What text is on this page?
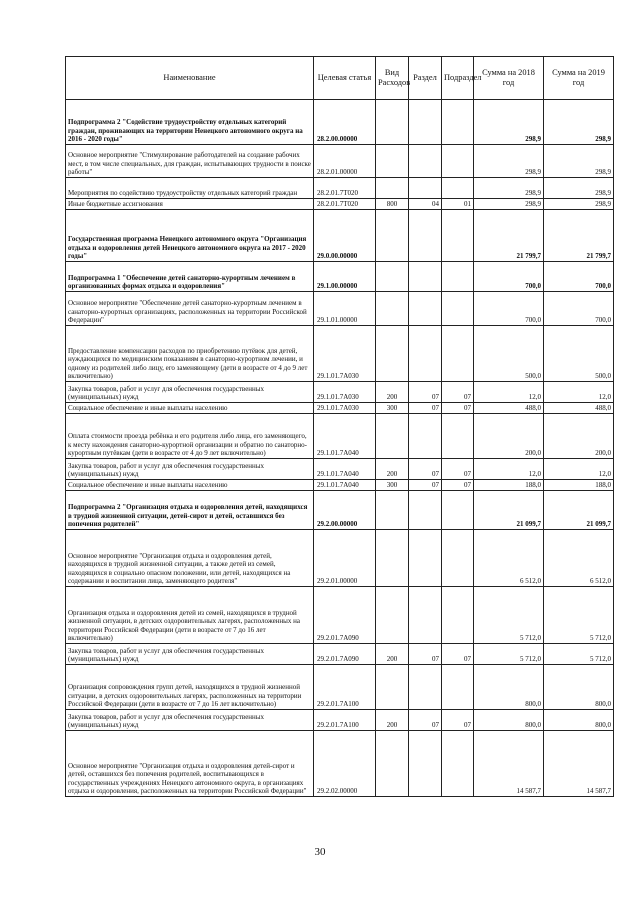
Наименование	Целевая статья	Вид Расходов	Раздел	Подраздел	Сумма на 2018 год	Сумма на 2019 год
Подпрограмма 2 "Содействие трудоустройству отдельных категорий граждан, проживающих на территории Ненецкого автономного округа на 2016 - 2020 годы"	28.2.00.00000				298,9	298,9
Основное мероприятие "Стимулирование работодателей на создание рабочих мест, в том числе специальных, для граждан, испытывающих трудности в поиске работы"	28.2.01.00000				298,9	298,9
Мероприятия по содействию трудоустройству отдельных категорий граждан	28.2.01.7Т020				298,9	298,9
Иные бюджетные ассигнования	28.2.01.7Т020	800	04	01	298,9	298,9
Государственная программа Ненецкого автономного округа "Организация отдыха и оздоровления детей Ненецкого автономного округа на 2017 - 2020 годы"	29.0.00.00000				21 799,7	21 799,7
Подпрограмма 1 "Обеспечение детей санаторно-курортным лечением в организованных формах отдыха и оздоровления"	29.1.00.00000				700,0	700,0
Основное мероприятие "Обеспечение детей санаторно-курортным лечением в санаторно-курортных организациях, расположенных на территории Российской Федерации"	29.1.01.00000				700,0	700,0
Предоставление компенсации расходов по приобретению путёвок для детей, нуждающихся по медицинским показаниям в санаторно-курортном лечении, и одному из родителей либо лицу, его заменяющему (дети в возрасте от 4 до 9 лет включительно)	29.1.01.7А030				500,0	500,0
Закупка товаров, работ и услуг для обеспечения государственных (муниципальных) нужд	29.1.01.7А030	200	07	07	12,0	12,0
Социальное обеспечение и иные выплаты населению	29.1.01.7А030	300	07	07	488,0	488,0
Оплата стоимости проезда ребёнка и его родителя либо лица, его заменяющего, к месту нахождения санаторно-курортной организации и обратно по санаторно-курортным путёвкам (дети в возрасте от 4 до 9 лет включительно)	29.1.01.7А040				200,0	200,0
Закупка товаров, работ и услуг для обеспечения государственных (муниципальных) нужд	29.1.01.7А040	200	07	07	12,0	12,0
Социальное обеспечение и иные выплаты населению	29.1.01.7А040	300	07	07	188,0	188,0
Подпрограмма 2 "Организация отдыха и оздоровления детей, находящихся в трудной жизненной ситуации, детей-сирот и детей, оставшихся без попечения родителей"	29.2.00.00000				21 099,7	21 099,7
Основное мероприятие "Организация отдыха и оздоровления детей, находящихся в трудной жизненной ситуации, а также детей из семей, находящихся в социально опасном положении, или детей, находящихся на содержании и воспитании лица, заменяющего родителя"	29.2.01.00000				6 512,0	6 512,0
Организация отдыха и оздоровления детей из семей, находящихся в трудной жизненной ситуации, в детских оздоровительных лагерях, расположенных на территории Российской Федерации (дети в возрасте от 7 до 16 лет включительно)	29.2.01.7А090				5 712,0	5 712,0
Закупка товаров, работ и услуг для обеспечения государственных (муниципальных) нужд	29.2.01.7А090	200	07	07	5 712,0	5 712,0
Организация сопровождения групп детей, находящихся в трудной жизненной ситуации, в детских оздоровительных лагерях, расположенных на территории Российской Федерации (дети в возрасте от 7 до 16 лет включительно)	29.2.01.7А100				800,0	800,0
Закупка товаров, работ и услуг для обеспечения государственных (муниципальных) нужд	29.2.01.7А100	200	07	07	800,0	800,0
Основное мероприятие "Организация отдыха и оздоровления детей-сирот и детей, оставшихся без попечения родителей, воспитывающихся в государственных учреждениях Ненецкого автономного округа, в организациях отдыха и оздоровления, расположенных на территории Российской Федерации"	29.2.02.00000				14 587,7	14 587,7
30
